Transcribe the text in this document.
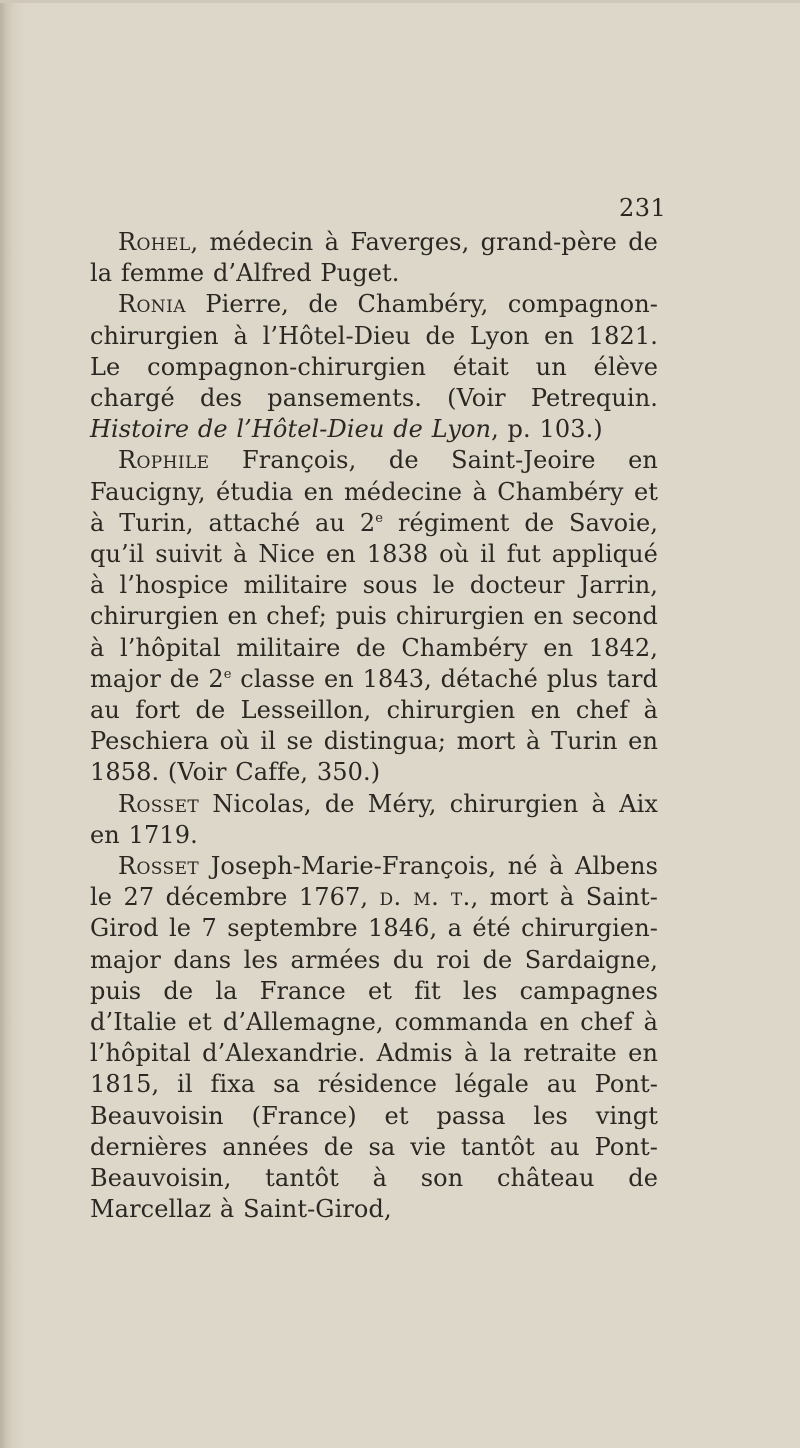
231

Rohel, médecin à Faverges, grand-père de la femme d’Alfred Puget.

Ronia Pierre, de Chambéry, compagnon-chirurgien à l’Hôtel-Dieu de Lyon en 1821. Le compagnon-chirurgien était un élève chargé des pansements. (Voir Petrequin. Histoire de l’Hôtel-Dieu de Lyon, p. 103.)

Rophile François, de Saint-Jeoire en Faucigny, étudia en médecine à Chambéry et à Turin, attaché au 2e régiment de Savoie, qu’il suivit à Nice en 1838 où il fut appliqué à l’hospice militaire sous le docteur Jarrin, chirurgien en chef; puis chirurgien en second à l’hôpital militaire de Chambéry en 1842, major de 2e classe en 1843, détaché plus tard au fort de Lesseillon, chirurgien en chef à Peschiera où il se distingua; mort à Turin en 1858. (Voir Caffe, 350.)

Rosset Nicolas, de Méry, chirurgien à Aix en 1719.

Rosset Joseph-Marie-François, né à Albens le 27 décembre 1767, d. m. t., mort à Saint-Girod le 7 septembre 1846, a été chirurgien-major dans les armées du roi de Sardaigne, puis de la France et fit les campagnes d’Italie et d’Allemagne, commanda en chef à l’hôpital d’Alexandrie. Admis à la retraite en 1815, il fixa sa résidence légale au Pont-Beauvoisin (France) et passa les vingt dernières années de sa vie tantôt au Pont-Beauvoisin, tantôt à son château de Marcellaz à Saint-Girod,
